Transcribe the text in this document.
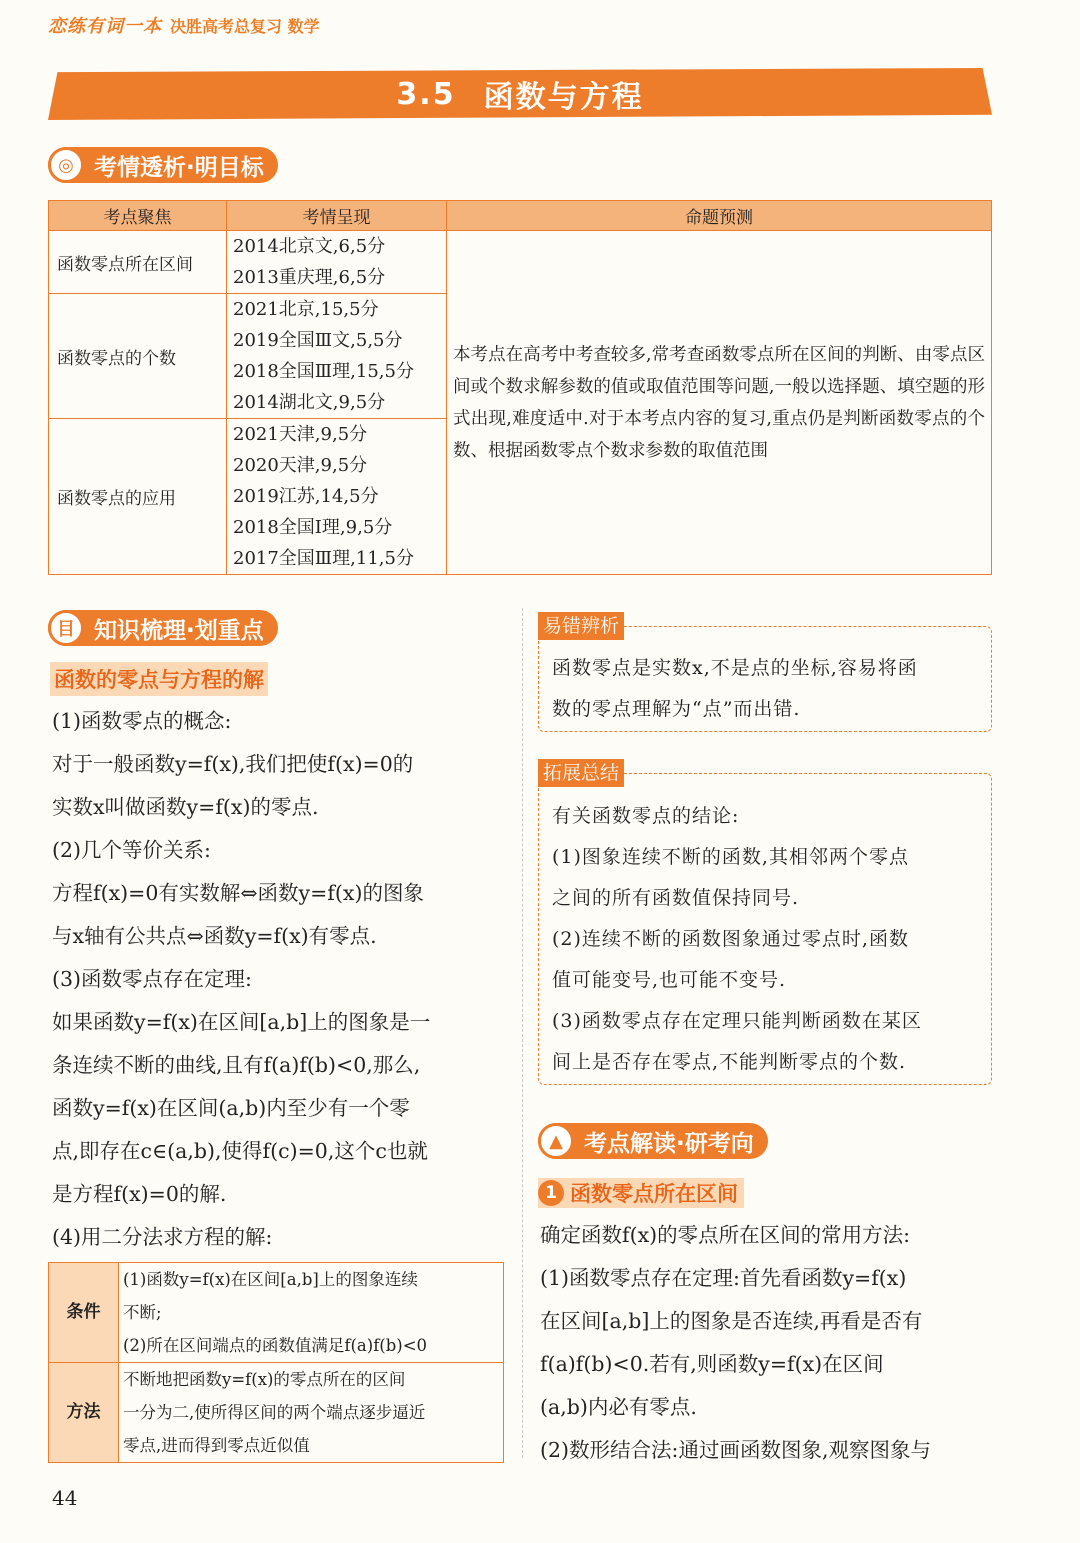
恋练有词一本 决胜高考总复习 数学
3.5 函数与方程
◎ 考情透析·明目标
考点聚焦	考情呈现	命题预测
函数零点所在区间	2014北京文,6,5分
2013重庆理,6,5分	本考点在高考中考查较多,常考查函数零点所在区间的判断、由零点区间或个数求解参数的值或取值范围等问题,一般以选择题、填空题的形式出现,难度适中.对于本考点内容的复习,重点仍是判断函数零点的个数、根据函数零点个数求参数的取值范围
函数零点的个数	2021北京,15,5分
2019全国Ⅲ文,5,5分
2018全国Ⅲ理,15,5分
2014湖北文,9,5分	

函数零点的应用	2021天津,9,5分
2020天津,9,5分
2019江苏,14,5分
2018全国Ⅰ理,9,5分
2017全国Ⅲ理,11,5分	
目 知识梳理·划重点
函数的零点与方程的解

(1)函数零点的概念:

对于一般函数y=f(x),我们把使f(x)=0的

实数x叫做函数y=f(x)的零点.

(2)几个等价关系:

方程f(x)=0有实数解⇔函数y=f(x)的图象

与x轴有公共点⇔函数y=f(x)有零点.

(3)函数零点存在定理:

如果函数y=f(x)在区间[a,b]上的图象是一

条连续不断的曲线,且有f(a)f(b)<0,那么,

函数y=f(x)在区间(a,b)内至少有一个零

点,即存在c∈(a,b),使得f(c)=0,这个c也就

是方程f(x)=0的解.

(4)用二分法求方程的解:

条件	(1)函数y=f(x)在区间[a,b]上的图象连续
不断;
(2)所在区间端点的函数值满足f(a)f(b)<0

方法	不断地把函数y=f(x)的零点所在的区间
一分为二,使所得区间的两个端点逐步逼近
零点,进而得到零点近似值
易错辨析

函数零点是实数x,不是点的坐标,容易将函

数的零点理解为“点”而出错.

拓展总结

有关函数零点的结论:

(1)图象连续不断的函数,其相邻两个零点

之间的所有函数值保持同号.

(2)连续不断的函数图象通过零点时,函数

值可能变号,也可能不变号.

(3)函数零点存在定理只能判断函数在某区

间上是否存在零点,不能判断零点的个数.

▲ 考点解读·研考向
1 函数零点所在区间

确定函数f(x)的零点所在区间的常用方法:

(1)函数零点存在定理:首先看函数y=f(x)

在区间[a,b]上的图象是否连续,再看是否有

f(a)f(b)<0.若有,则函数y=f(x)在区间

(a,b)内必有零点.

(2)数形结合法:通过画函数图象,观察图象与

44
